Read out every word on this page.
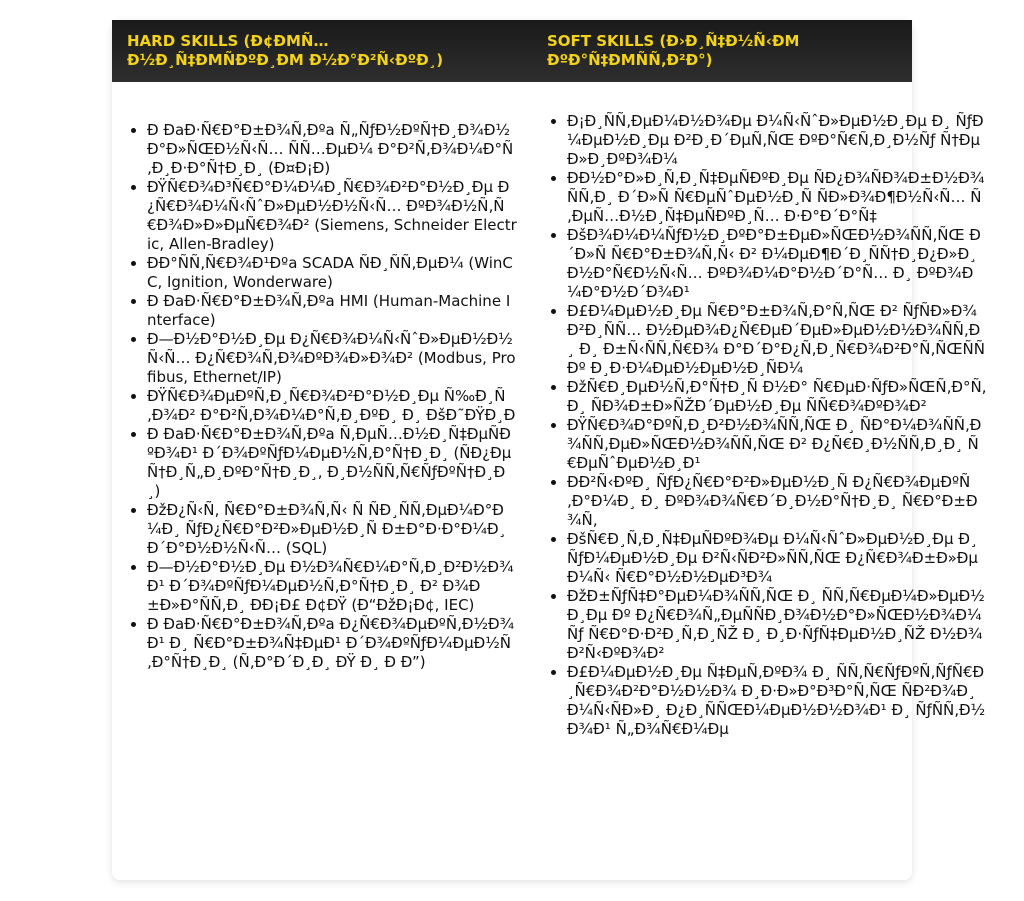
HARD SKILLS (Đ¢ĐМÑ…
Đ½Đ¸Ñ‡ĐМÑĐºĐ¸ĐМ Đ½Đ°Đ²Ñ‹ĐºĐ¸)
SOFT SKILLS (Đ›Đ¸Ñ‡Đ½Ñ‹ĐМ
ĐºĐ°Ñ‡ĐМÑÑ‚Đ²Đ°)
• Đ ĐаĐ·Ñ€Đ°Đ±Đ¾Ñ‚Đºа Ñ„ÑƒĐ½ĐºÑ†Đ¸Đ¾Đ½Đ°Đ»ÑŒĐ½Ñ‹Ñ… ÑÑ…ĐµĐ¼ Đ°Đ²Ñ‚Đ¾Đ¼Đ°Ñ‚Đ¸Đ·Đ°Ñ†Đ¸Đ¸ (Đ¤Đ¡Đ)
• ĐŸÑ€Đ¾Đ³Ñ€Đ°Đ¼Đ¼Đ¸Ñ€Đ¾Đ²Đ°Đ½Đ¸Đµ Đ¿Ñ€Đ¾Đ¼Ñ‹ÑˆĐ»ĐµĐ½Đ½Ñ‹Ñ… ĐºĐ¾Đ½Ñ‚Ñ€Đ¾Đ»Đ»ĐµÑ€Đ¾Đ² (Siemens, Schneider Electric, Allen-Bradley)
• ĐĐ°ÑÑ‚Ñ€Đ¾Đ¹Đºа SCADA ÑĐ¸ÑÑ‚ĐµĐ¼ (WinCC, Ignition, Wonderware)
• Đ ĐаĐ·Ñ€Đ°Đ±Đ¾Ñ‚Đºа HMI (Human-Machine Interface)
• Đ—Đ½Đ°Đ½Đ¸Đµ Đ¿Ñ€Đ¾Đ¼Ñ‹ÑˆĐ»ĐµĐ½Đ½Ñ‹Ñ… Đ¿Ñ€Đ¾Ñ‚Đ¾ĐºĐ¾Đ»Đ¾Đ² (Modbus, Profibus, Ethernet/IP)
• ĐŸÑ€Đ¾ĐµĐºÑ‚Đ¸Ñ€Đ¾Đ²Đ°Đ½Đ¸Đµ Ñ‰Đ¸Ñ‚Đ¾Đ² Đ°Đ²Ñ‚Đ¾Đ¼Đ°Ñ‚Đ¸ĐºĐ¸ Đ¸ ĐšĐ˜ĐŸĐ¸Đ
• Đ ĐаĐ·Ñ€Đ°Đ±Đ¾Ñ‚Đºа Ñ‚ĐµÑ…Đ½Đ¸Ñ‡ĐµÑĐºĐ¾Đ¹ Đ´Đ¾ĐºÑƒĐ¼ĐµĐ½Ñ‚Đ°Ñ†Đ¸Đ¸ (ÑĐ¿ĐµÑ†Đ¸Ñ„Đ¸ĐºĐ°Ñ†Đ¸Đ¸, Đ¸Đ½ÑÑ‚Ñ€ÑƒĐºÑ†Đ¸Đ¸)
• ĐžĐ¿Ñ‹Ñ‚ Ñ€Đ°Đ±Đ¾Ñ‚Ñ‹ Ñ ÑĐ¸ÑÑ‚ĐµĐ¼Đ°Đ¼Đ¸ ÑƒĐ¿Ñ€Đ°Đ²Đ»ĐµĐ½Đ¸Ñ Đ±Đ°Đ·Đ°Đ¼Đ¸ Đ´Đ°Đ½Đ½Ñ‹Ñ… (SQL)
• Đ—Đ½Đ°Đ½Đ¸Đµ Đ½Đ¾Ñ€Đ¼Đ°Ñ‚Đ¸Đ²Đ½Đ¾Đ¹ Đ´Đ¾ĐºÑƒĐ¼ĐµĐ½Ñ‚Đ°Ñ†Đ¸Đ¸ Đ² Đ¾Đ±Đ»Đ°ÑÑ‚Đ¸ ĐĐ¡Đ£ Đ¢ĐŸ (Đ“ĐžĐ¡Đ¢, IEC)
• Đ ĐаĐ·Ñ€Đ°Đ±Đ¾Ñ‚Đºа Đ¿Ñ€Đ¾ĐµĐºÑ‚Đ½Đ¾Đ¹ Đ¸ Ñ€Đ°Đ±Đ¾Ñ‡ĐµĐ¹ Đ´Đ¾ĐºÑƒĐ¼ĐµĐ½Ñ‚Đ°Ñ†Đ¸Đ¸ (Ñ‚Đ°Đ´Đ¸Đ¸ ĐŸ Đ¸ Đ Đ”)
• Đ¡Đ¸ÑÑ‚ĐµĐ¼Đ½Đ¾Đµ Đ¼Ñ‹ÑˆĐ»ĐµĐ½Đ¸Đµ Đ¸ ÑƒĐ¼ĐµĐ½Đ¸Đµ Đ²Đ¸Đ´ĐµÑ‚ÑŒ ĐºĐ°Ñ€Ñ‚Đ¸Đ½Ñƒ Ñ†ĐµĐ»Đ¸ĐºĐ¾Đ¼
• ĐĐ½Đ°Đ»Đ¸Ñ‚Đ¸Ñ‡ĐµÑĐºĐ¸Đµ ÑĐ¿Đ¾ÑĐ¾Đ±Đ½Đ¾ÑÑ‚Đ¸ Đ´Đ»Ñ Ñ€ĐµÑˆĐµĐ½Đ¸Ñ ÑĐ»Đ¾Đ¶Đ½Ñ‹Ñ… Ñ‚ĐµÑ…Đ½Đ¸Ñ‡ĐµÑĐºĐ¸Ñ… Đ·Đ°Đ´Đ°Ñ‡
• ĐšĐ¾Đ¼Đ¼ÑƒĐ½Đ¸ĐºĐ°Đ±ĐµĐ»ÑŒĐ½Đ¾ÑÑ‚ÑŒ Đ´Đ»Ñ Ñ€Đ°Đ±Đ¾Ñ‚Ñ‹ Đ² Đ¼ĐµĐ¶Đ´Đ¸ÑÑ†Đ¸Đ¿Đ»Đ¸Đ½Đ°Ñ€Đ½Ñ‹Ñ… ĐºĐ¾Đ¼Đ°Đ½Đ´Đ°Ñ… Đ¸ ĐºĐ¾Đ¼Đ°Đ½Đ´Đ¾Đ¹
• Đ£Đ¼ĐµĐ½Đ¸Đµ Ñ€Đ°Đ±Đ¾Ñ‚Đ°Ñ‚ÑŒ Đ² ÑƒÑĐ»Đ¾Đ²Đ¸ÑÑ… Đ½ĐµĐ¾Đ¿Ñ€ĐµĐ´ĐµĐ»ĐµĐ½Đ½Đ¾ÑÑ‚Đ¸ Đ¸ Đ±Ñ‹ÑÑ‚Ñ€Đ¾ Đ°Đ´Đ°Đ¿Ñ‚Đ¸Ñ€Đ¾Đ²Đ°Ñ‚ÑŒÑÑ Đº Đ¸Đ·Đ¼ĐµĐ½ĐµĐ½Đ¸ÑĐ¼
• ĐžÑ€Đ¸ĐµĐ½Ñ‚Đ°Ñ†Đ¸Ñ Đ½Đ° Ñ€ĐµĐ·ÑƒĐ»ÑŒÑ‚Đ°Ñ‚ Đ¸ ÑĐ¾Đ±Đ»ÑŽĐ´ĐµĐ½Đ¸Đµ ÑÑ€Đ¾ĐºĐ¾Đ²
• ĐŸÑ€Đ¾Đ°ĐºÑ‚Đ¸Đ²Đ½Đ¾ÑÑ‚ÑŒ Đ¸ ÑĐ°Đ¼Đ¾ÑÑ‚Đ¾ÑÑ‚ĐµĐ»ÑŒĐ½Đ¾ÑÑ‚ÑŒ Đ² Đ¿Ñ€Đ¸Đ½ÑÑ‚Đ¸Đ¸ Ñ€ĐµÑˆĐµĐ½Đ¸Đ¹
• ĐĐ²Ñ‹ĐºĐ¸ ÑƒĐ¿Ñ€Đ°Đ²Đ»ĐµĐ½Đ¸Ñ Đ¿Ñ€Đ¾ĐµĐºÑ‚Đ°Đ¼Đ¸ Đ¸ ĐºĐ¾Đ¾Ñ€Đ´Đ¸Đ½Đ°Ñ†Đ¸Đ¸ Ñ€Đ°Đ±Đ¾Ñ‚
• ĐšÑ€Đ¸Ñ‚Đ¸Ñ‡ĐµÑĐºĐ¾Đµ Đ¼Ñ‹ÑˆĐ»ĐµĐ½Đ¸Đµ Đ¸ ÑƒĐ¼ĐµĐ½Đ¸Đµ Đ²Ñ‹ÑĐ²Đ»ÑÑ‚ÑŒ Đ¿Ñ€Đ¾Đ±Đ»ĐµĐ¼Ñ‹ Ñ€Đ°Đ½Đ½ĐµĐ³Đ¾
• ĐžĐ±ÑƒÑ‡Đ°ĐµĐ¼Đ¾ÑÑ‚ÑŒ Đ¸ ÑÑ‚Ñ€ĐµĐ¼Đ»ĐµĐ½Đ¸Đµ Đº Đ¿Ñ€Đ¾Ñ„ĐµÑÑĐ¸Đ¾Đ½Đ°Đ»ÑŒĐ½Đ¾Đ¼Ñƒ Ñ€Đ°Đ·Đ²Đ¸Ñ‚Đ¸ÑŽ Đ¸ Đ¸Đ·ÑƒÑ‡ĐµĐ½Đ¸ÑŽ Đ½Đ¾Đ²Ñ‹ĐºĐ¾Đ²
• Đ£Đ¼ĐµĐ½Đ¸Đµ Ñ‡ĐµÑ‚ĐºĐ¾ Đ¸ ÑÑ‚Ñ€ÑƒĐºÑ‚ÑƒÑ€Đ¸Ñ€Đ¾Đ²Đ°Đ½Đ½Đ¾ Đ¸Đ·Đ»Đ°Đ³Đ°Ñ‚ÑŒ ÑĐ²Đ¾Đ¸ Đ¼Ñ‹ÑĐ»Đ¸ Đ¿Đ¸ÑÑŒĐ¼ĐµĐ½Đ½Đ¾Đ¹ Đ¸ ÑƒÑÑ‚Đ½Đ¾Đ¹ Ñ„Đ¾Ñ€Đ¼Đµ
